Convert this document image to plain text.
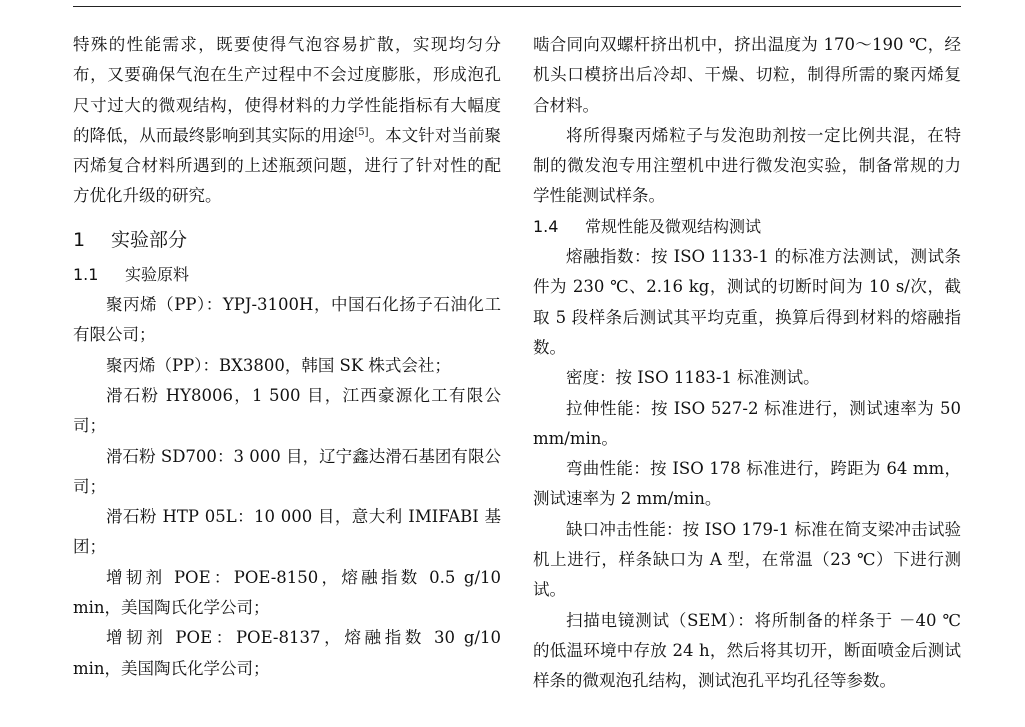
特殊的性能需求，既要使得气泡容易扩散，实现均匀分布，又要确保气泡在生产过程中不会过度膨胀，形成泡孔尺寸过大的微观结构，使得材料的力学性能指标有大幅度的降低，从而最终影响到其实际的用途[5]。本文针对当前聚丙烯复合材料所遇到的上述瓶颈问题，进行了针对性的配方优化升级的研究。

1 实验部分
1.1 实验原料

聚丙烯（PP）：YPJ-3100H，中国石化扬子石油化工有限公司；

聚丙烯（PP）：BX3800，韩国 SK 株式会社；

滑石粉 HY8006，1 500 目，江西豪源化工有限公司；

滑石粉 SD700：3 000 目，辽宁鑫达滑石基团有限公司；

滑石粉 HTP 05L：10 000 目，意大利 IMIFABI 基团；

增韧剂 POE：POE-8150，熔融指数 0.5 g/10 min，美国陶氏化学公司；

增韧剂 POE：POE-8137，熔融指数 30 g/10 min，美国陶氏化学公司；

啮合同向双螺杆挤出机中，挤出温度为 170～190 ℃，经机头口模挤出后冷却、干燥、切粒，制得所需的聚丙烯复合材料。

将所得聚丙烯粒子与发泡助剂按一定比例共混，在特制的微发泡专用注塑机中进行微发泡实验，制备常规的力学性能测试样条。

1.4 常规性能及微观结构测试

熔融指数：按 ISO 1133-1 的标准方法测试，测试条件为 230 ℃、2.16 kg，测试的切断时间为 10 s/次，截取 5 段样条后测试其平均克重，换算后得到材料的熔融指数。

密度：按 ISO 1183-1 标准测试。

拉伸性能：按 ISO 527-2 标准进行，测试速率为 50 mm/min。

弯曲性能：按 ISO 178 标准进行，跨距为 64 mm，测试速率为 2 mm/min。

缺口冲击性能：按 ISO 179-1 标准在简支梁冲击试验机上进行，样条缺口为 A 型，在常温（23 ℃）下进行测试。

扫描电镜测试（SEM）：将所制备的样条于 －40 ℃的低温环境中存放 24 h，然后将其切开，断面喷金后测试样条的微观泡孔结构，测试泡孔平均孔径等参数。
